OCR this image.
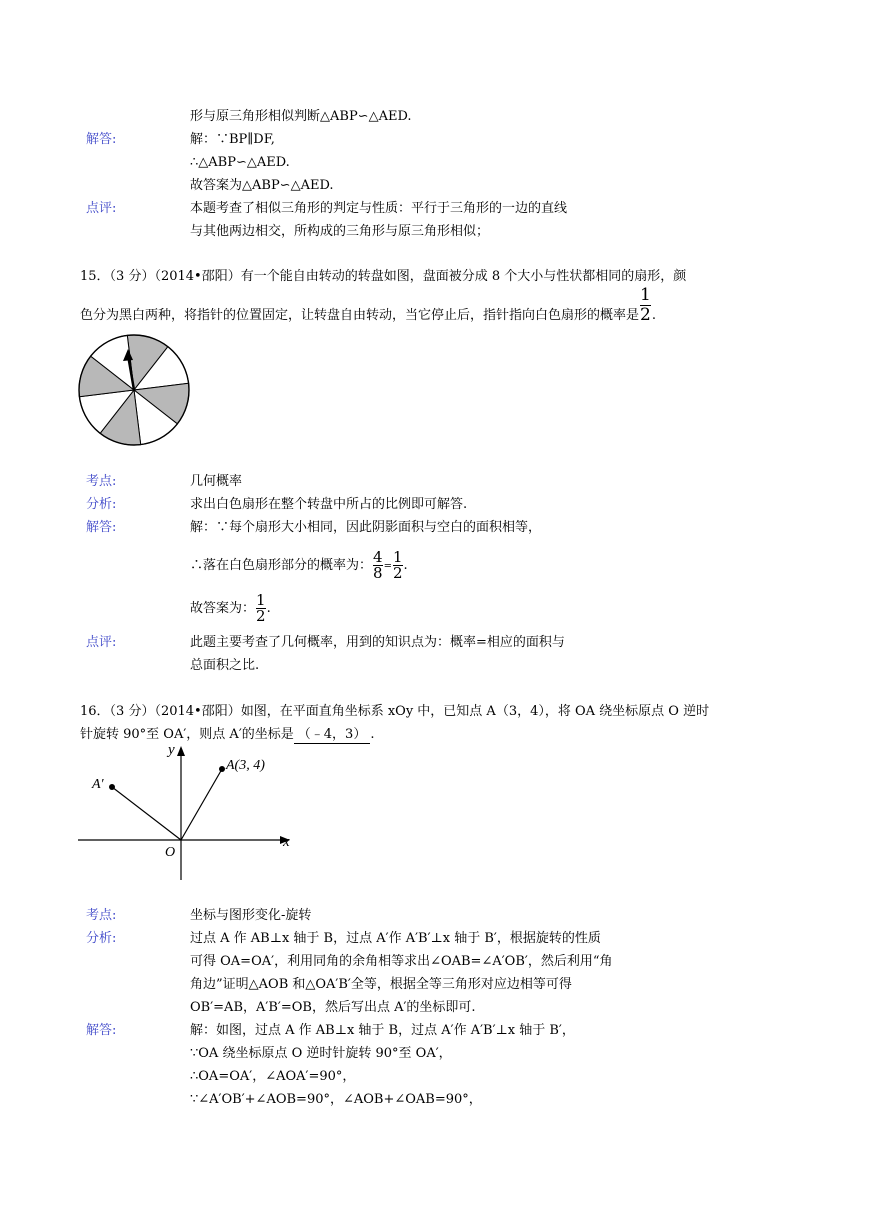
形与原三角形相似判断△ABP∽△AED.
解答:	解：∵BP∥DF,
∴△ABP∽△AED.
故答案为△ABP∽△AED.
点评:	本题考查了相似三角形的判定与性质：平行于三角形的一边的直线
与其他两边相交，所构成的三角形与原三角形相似；
15．（3 分）（2014•邵阳）有一个能自由转动的转盘如图，盘面被分成 8 个大小与性状都相同的扇形，颜
色分为黑白两种，将指针的位置固定，让转盘自由转动，当它停止后，指针指向白色扇形的概率是 $\frac{1}{2}$ .
考点:	几何概率
分析:	求出白色扇形在整个转盘中所占的比例即可解答.
解答:	解：∵每个扇形大小相同，因此阴影面积与空白的面积相等，
∴落在白色扇形部分的概率为： $\frac{4}{8} = \frac{1}{2}$ .
故答案为： $\frac{1}{2}$ .
点评:	此题主要考查了几何概率，用到的知识点为：概率=相应的面积与
总面积之比.
16．（3 分）（2014•邵阳）如图，在平面直角坐标系 xOy 中，已知点 A（3，4），将 OA 绕坐标原点 O 逆时
针旋转 90°至 OA′，则点 A′的坐标是 （﹣4，3） .
A(3, 4)
A′
O
x
y
考点:	坐标与图形变化-旋转
分析:	过点 A 作 AB⊥x 轴于 B，过点 A′作 A′B′⊥x 轴于 B′，根据旋转的性质
可得 OA=OA′，利用同角的余角相等求出∠OAB=∠A′OB′，然后利用“角
角边”证明△AOB 和△OA′B′全等，根据全等三角形对应边相等可得
OB′=AB，A′B′=OB，然后写出点 A′的坐标即可.
解答:	解：如图，过点 A 作 AB⊥x 轴于 B，过点 A′作 A′B′⊥x 轴于 B′，
∵OA 绕坐标原点 O 逆时针旋转 90°至 OA′，
∴OA=OA′，∠AOA′=90°，
∵∠A′OB′+∠AOB=90°，∠AOB+∠OAB=90°，
